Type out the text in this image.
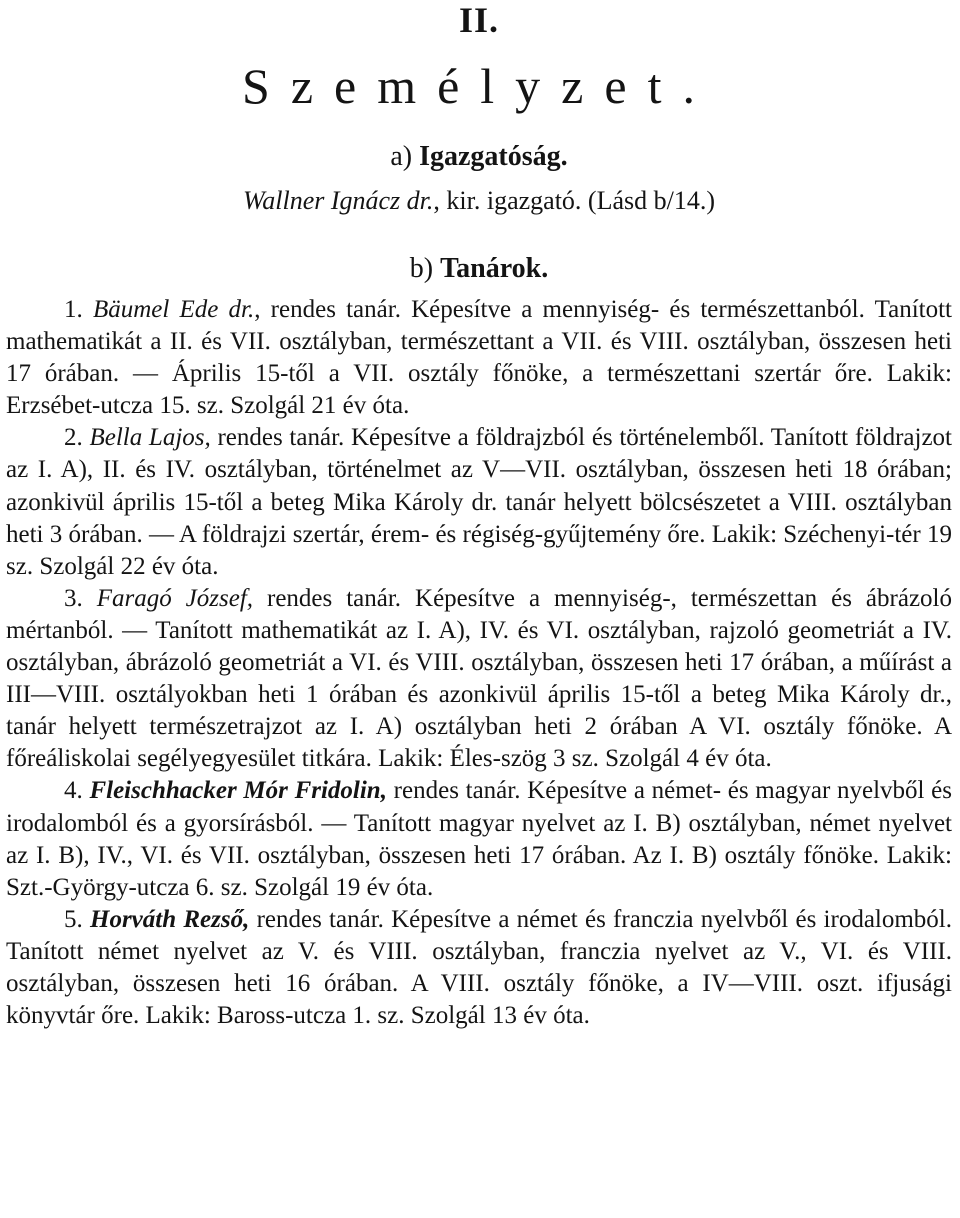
II.
Személyzet.
a) Igazgatóság.
Wallner Ignácz dr., kir. igazgató. (Lásd b/14.)
b) Tanárok.

1. Bäumel Ede dr., rendes tanár. Képesítve a mennyiség- és természettanból. Tanított mathematikát a II. és VII. osztályban, természettant a VII. és VIII. osztályban, összesen heti 17 órában. — Április 15-től a VII. osztály főnöke, a természettani szertár őre. Lakik: Erzsébet-utcza 15. sz. Szolgál 21 év óta.

2. Bella Lajos, rendes tanár. Képesítve a földrajzból és történelemből. Tanított földrajzot az I. A), II. és IV. osztályban, történelmet az V—VII. osztályban, összesen heti 18 órában; azonkivül április 15-től a beteg Mika Károly dr. tanár helyett bölcsészetet a VIII. osztályban heti 3 órában. — A földrajzi szertár, érem- és régiség-gyűjtemény őre. Lakik: Széchenyi-tér 19 sz. Szolgál 22 év óta.

3. Faragó József, rendes tanár. Képesítve a mennyiség-, természettan és ábrázoló mértanból. — Tanított mathematikát az I. A), IV. és VI. osztályban, rajzoló geometriát a IV. osztályban, ábrázoló geometriát a VI. és VIII. osztályban, összesen heti 17 órában, a műírást a III—VIII. osztályokban heti 1 órában és azonkivül április 15-től a beteg Mika Károly dr., tanár helyett természetrajzot az I. A) osztályban heti 2 órában A VI. osztály főnöke. A főreáliskolai segélyegyesület titkára. Lakik: Éles-szög 3 sz. Szolgál 4 év óta.

4. Fleischhacker Mór Fridolin, rendes tanár. Képesítve a német- és magyar nyelvből és irodalomból és a gyorsírásból. — Tanított magyar nyelvet az I. B) osztályban, német nyelvet az I. B), IV., VI. és VII. osztályban, összesen heti 17 órában. Az I. B) osztály főnöke. Lakik: Szt.-György-utcza 6. sz. Szolgál 19 év óta.

5. Horváth Rezső, rendes tanár. Képesítve a német és franczia nyelvből és irodalomból. Tanított német nyelvet az V. és VIII. osztályban, franczia nyelvet az V., VI. és VIII. osztályban, összesen heti 16 órában. A VIII. osztály főnöke, a IV—VIII. oszt. ifjusági könyvtár őre. Lakik: Baross-utcza 1. sz. Szolgál 13 év óta.
